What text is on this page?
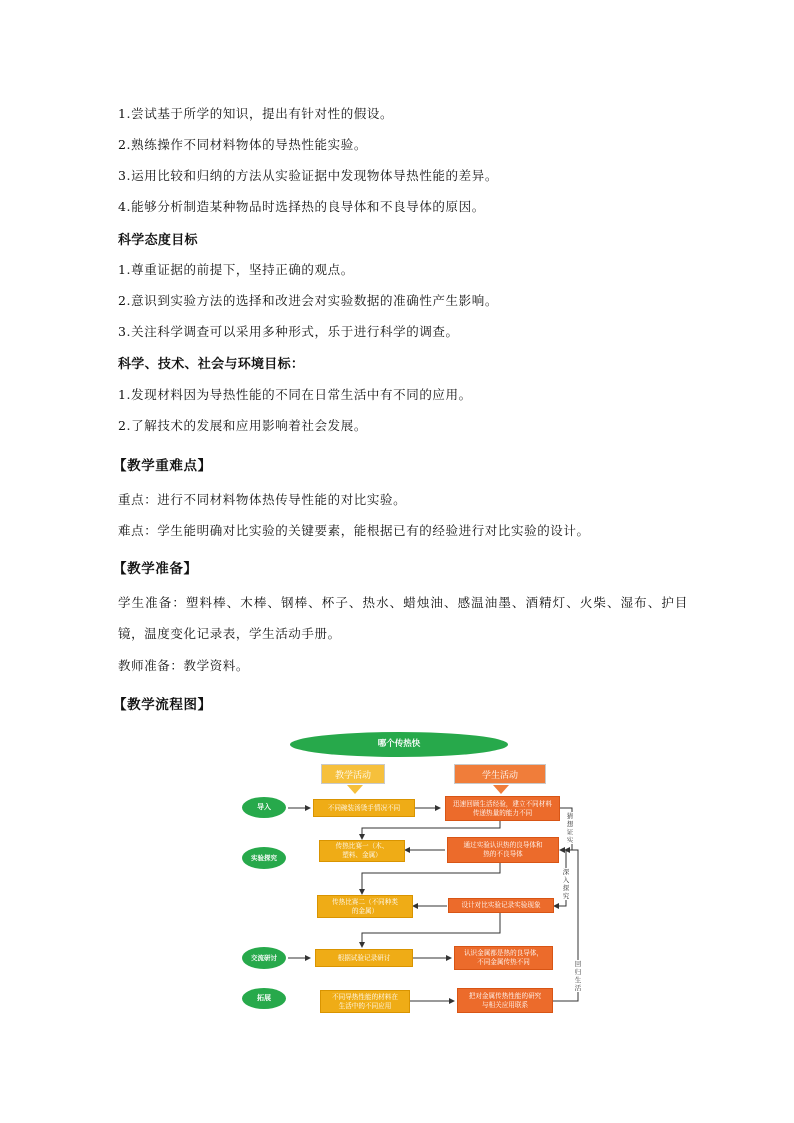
1.尝试基于所学的知识，提出有针对性的假设。
2.熟练操作不同材料物体的导热性能实验。
3.运用比较和归纳的方法从实验证据中发现物体导热性能的差异。
4.能够分析制造某种物品时选择热的良导体和不良导体的原因。
科学态度目标
1.尊重证据的前提下，坚持正确的观点。
2.意识到实验方法的选择和改进会对实验数据的准确性产生影响。
3.关注科学调查可以采用多种形式，乐于进行科学的调查。
科学、技术、社会与环境目标：
1.发现材料因为导热性能的不同在日常生活中有不同的应用。
2.了解技术的发展和应用影响着社会发展。
【教学重难点】
重点：进行不同材料物体热传导性能的对比实验。
难点：学生能明确对比实验的关键要素，能根据已有的经验进行对比实验的设计。
【教学准备】
学生准备：塑料棒、木棒、钢棒、杯子、热水、蜡烛油、感温油墨、酒精灯、火柴、湿布、护目镜，温度变化记录表，学生活动手册。
教师准备：教学资料。
【教学流程图】
哪个传热快
教学活动	学生活动
导入
实验探究
交流研讨
拓展
不同碗装汤烫手情况不同
传热比赛一（木、塑料、金属）
传热比赛二（不同种类的金属）
根据试验记录研讨
不同导热性能的材料在生活中的不同应用
迅速回顾生活经验，建立不同材料传递热量的能力不同
通过实验认识热的良导体和热的不良导体
设计对比实验记录实验现象
认识金属都是热的良导体，不同金属传热不同
把对金属传热性能的研究与相关应用联系
猜想证实
深入探究
回归生活
